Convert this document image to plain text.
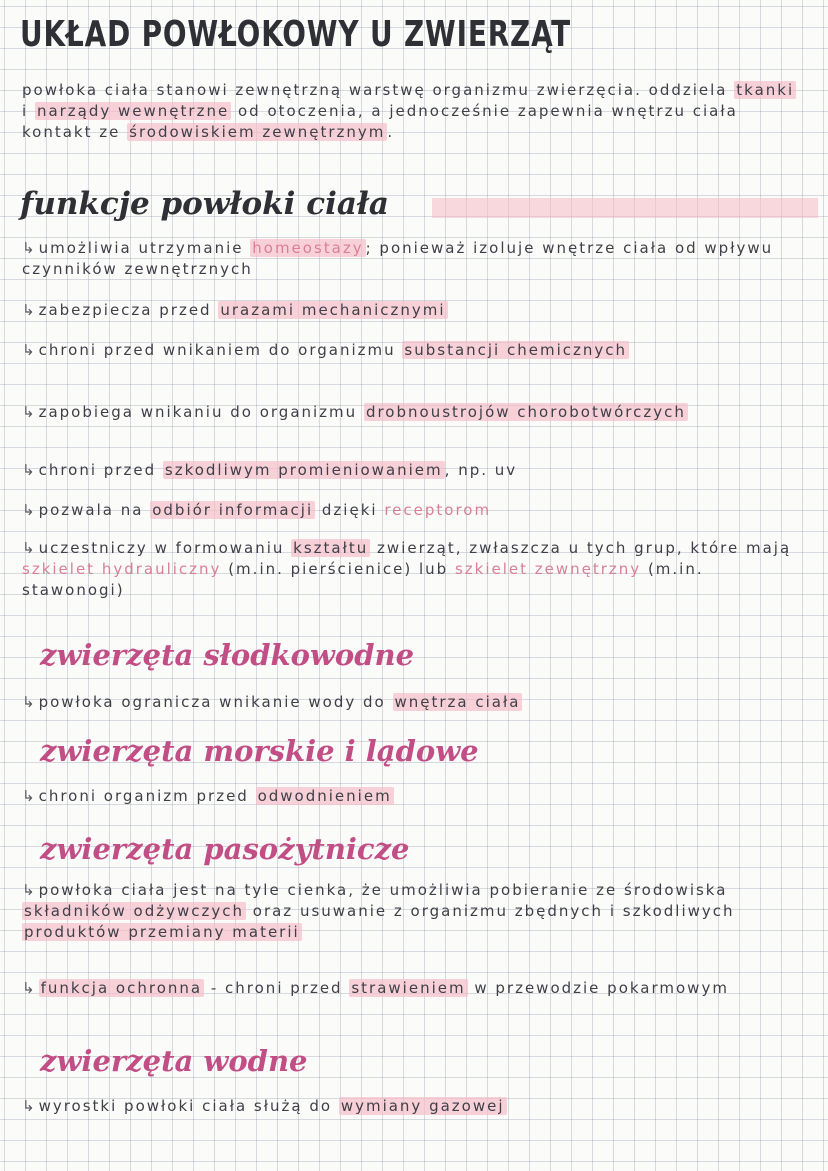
UKŁAD POWŁOKOWY U ZWIERZĄT
powłoka ciała stanowi zewnętrzną warstwę organizmu zwierzęcia. oddziela tkanki i narządy wewnętrzne od otoczenia, a jednocześnie zapewnia wnętrzu ciała kontakt ze środowiskiem zewnętrznym .
funkcje powłoki ciała
↳ umożliwia utrzymanie homeostazy ; ponieważ izoluje wnętrze ciała od wpływu czynników zewnętrznych
↳ zabezpiecza przed urazami mechanicznymi
↳ chroni przed wnikaniem do organizmu substancji chemicznych
↳ zapobiega wnikaniu do organizmu drobnoustrojów chorobotwórczych
↳ chroni przed szkodliwym promieniowaniem , np. uv
↳ pozwala na odbiór informacji dzięki receptorom
↳ uczestniczy w formowaniu kształtu zwierząt, zwłaszcza u tych grup, które mają szkielet hydrauliczny (m.in. pierścienice) lub szkielet zewnętrzny (m.in. stawonogi)
zwierzęta słodkowodne
↳ powłoka ogranicza wnikanie wody do wnętrza ciała
zwierzęta morskie i lądowe
↳ chroni organizm przed odwodnieniem
zwierzęta pasożytnicze
↳ powłoka ciała jest na tyle cienka, że umożliwia pobieranie ze środowiska składników odżywczych oraz usuwanie z organizmu zbędnych i szkodliwych produktów przemiany materii
↳ funkcja ochronna - chroni przed strawieniem w przewodzie pokarmowym
zwierzęta wodne
↳ wyrostki powłoki ciała służą do wymiany gazowej
